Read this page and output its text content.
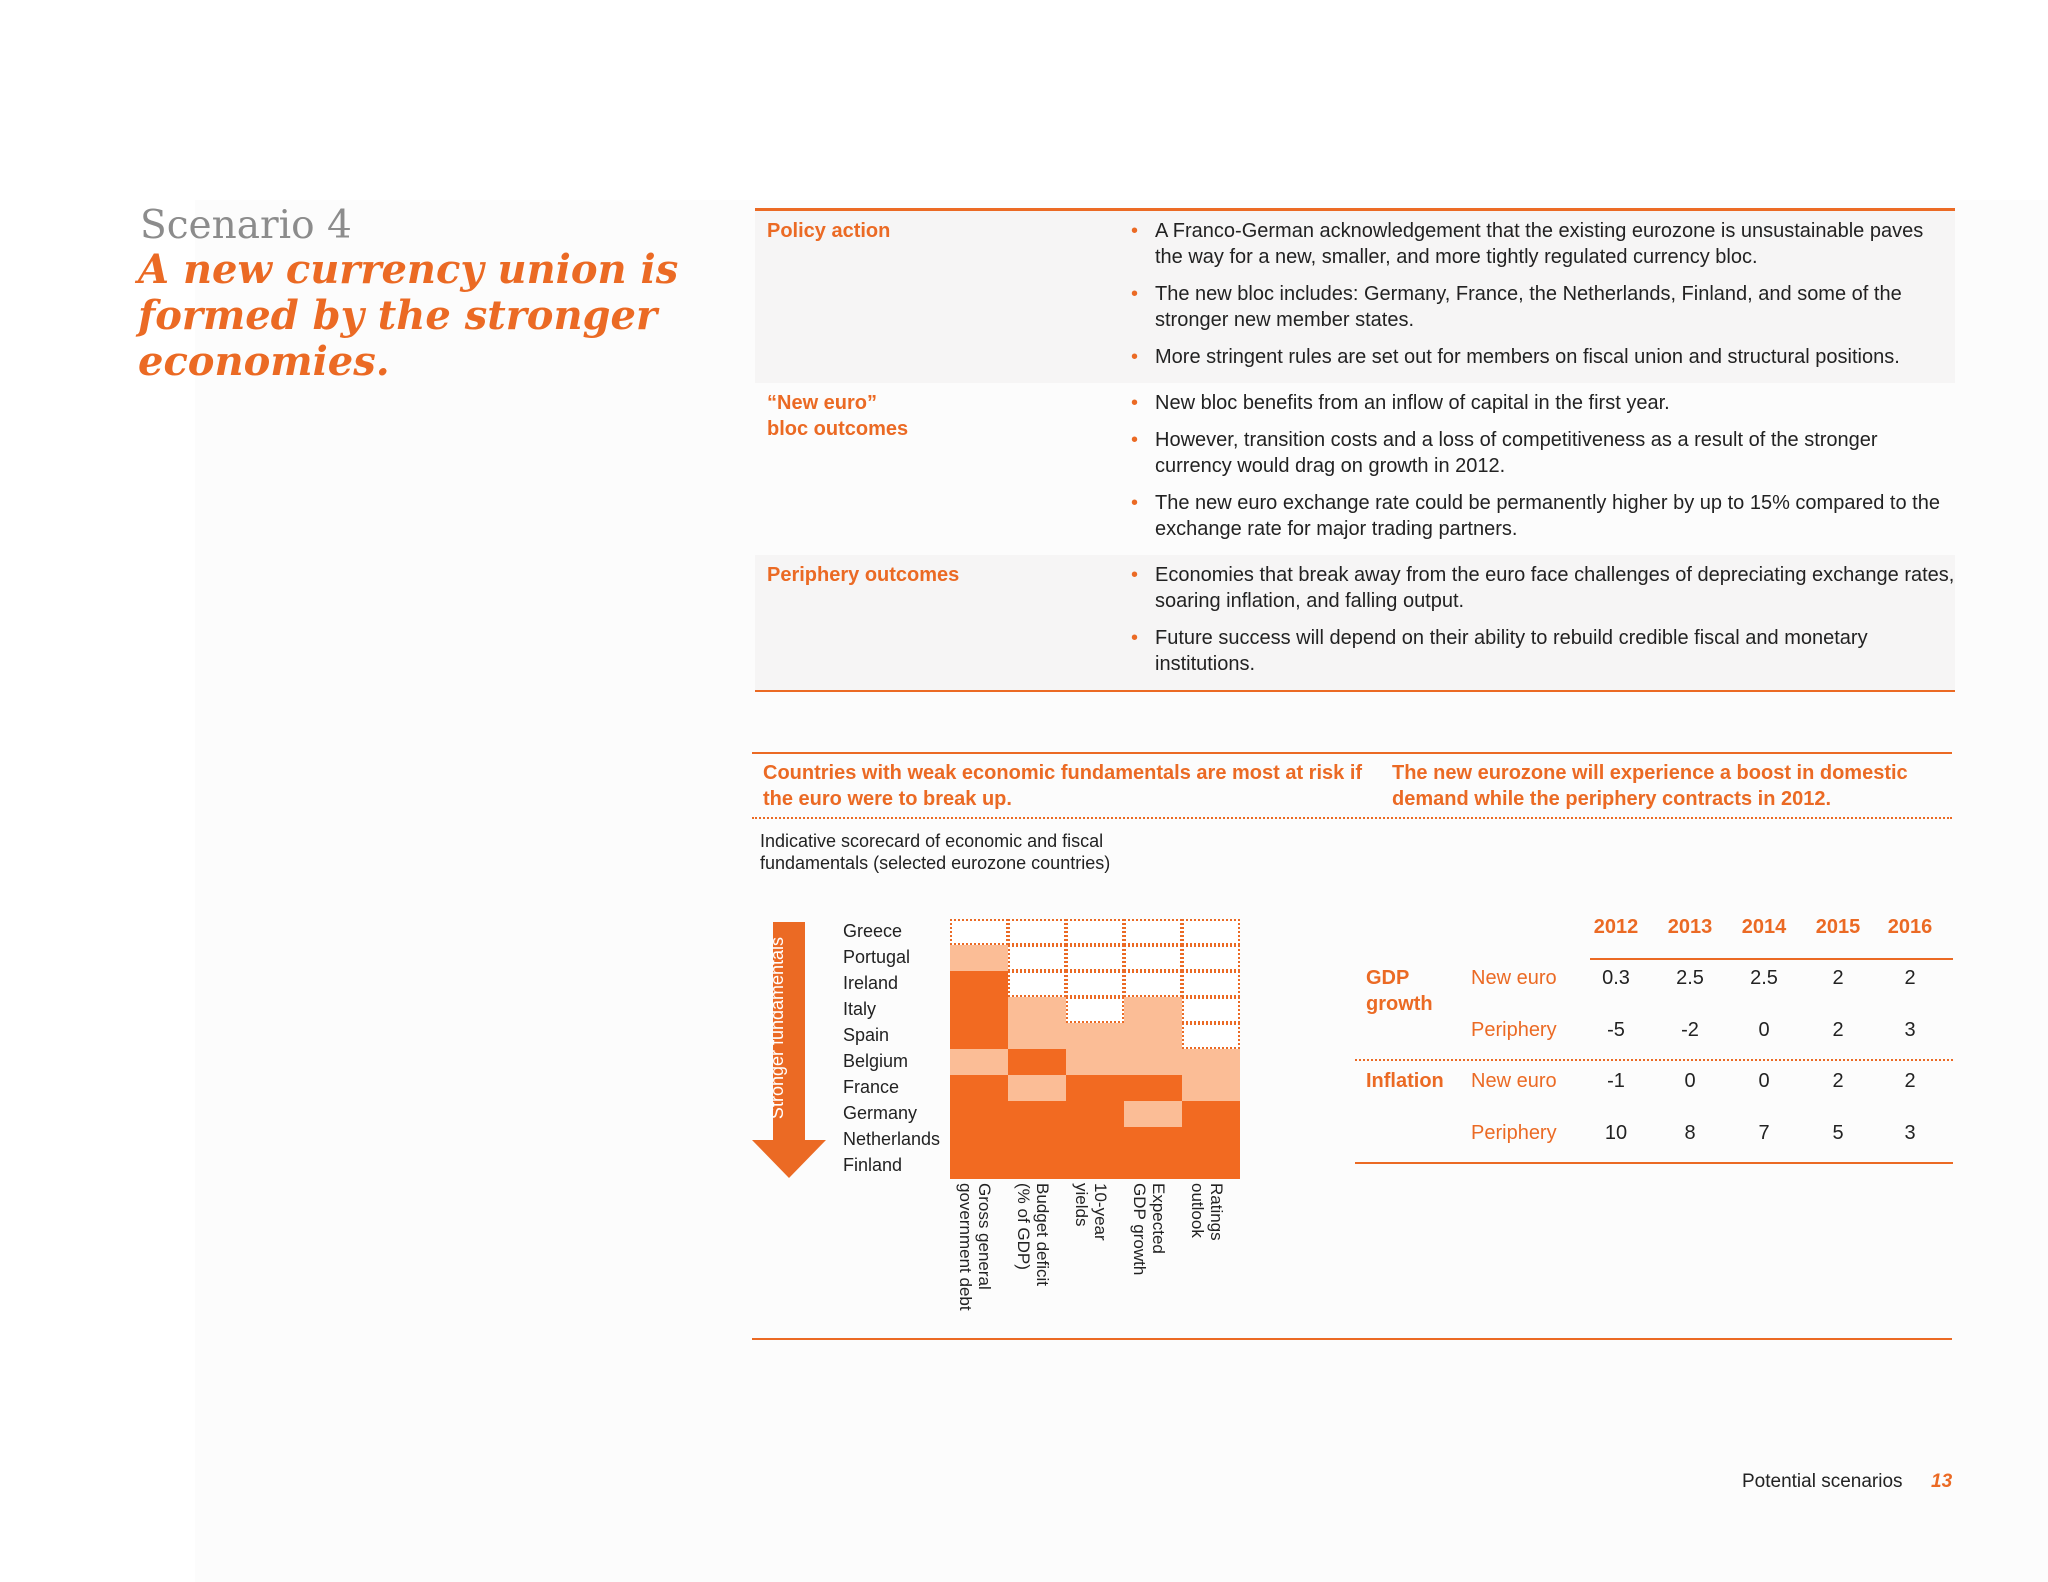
Scenario 4
A new currency union is formed by the stronger economies.
Policy action	• A Franco-German acknowledgement that the existing eurozone is unsustainable paves the way for a new, smaller, and more tightly regulated currency bloc.
• The new bloc includes: Germany, France, the Netherlands, Finland, and some of the stronger new member states.
• More stringent rules are set out for members on fiscal union and structural positions.
“New euro”
bloc outcomes
• New bloc benefits from an inflow of capital in the first year.
• However, transition costs and a loss of competitiveness as a result of the stronger currency would drag on growth in 2012.
• The new euro exchange rate could be permanently higher by up to 15% compared to the exchange rate for major trading partners.
Periphery outcomes	• Economies that break away from the euro face challenges of depreciating exchange rates, soaring inflation, and falling output.
• Future success will depend on their ability to rebuild credible fiscal and monetary institutions.
Countries with weak economic fundamentals are most at risk if the euro were to break up.
The new eurozone will experience a boost in domestic demand while the periphery contracts in 2012.
Indicative scorecard of economic and fiscal fundamentals (selected eurozone countries)
Stronger fundamentals
Greece
Portugal
Ireland
Italy
Spain
Belgium
France
Germany
Netherlands
Finland
Gross general
government debt
Budget deficit
(% of GDP)
10-year
yields	Expected
GDP growth
Ratings
outlook
2012	2013	2014	2015	2016
GDP
growth
New euro	0.3	2.5	2.5	2	2
Periphery	-5	-2	0	2	3
Inflation New euro	-1	0	0	2	2
Periphery	10	8	7	5	3
Potential scenarios 13
